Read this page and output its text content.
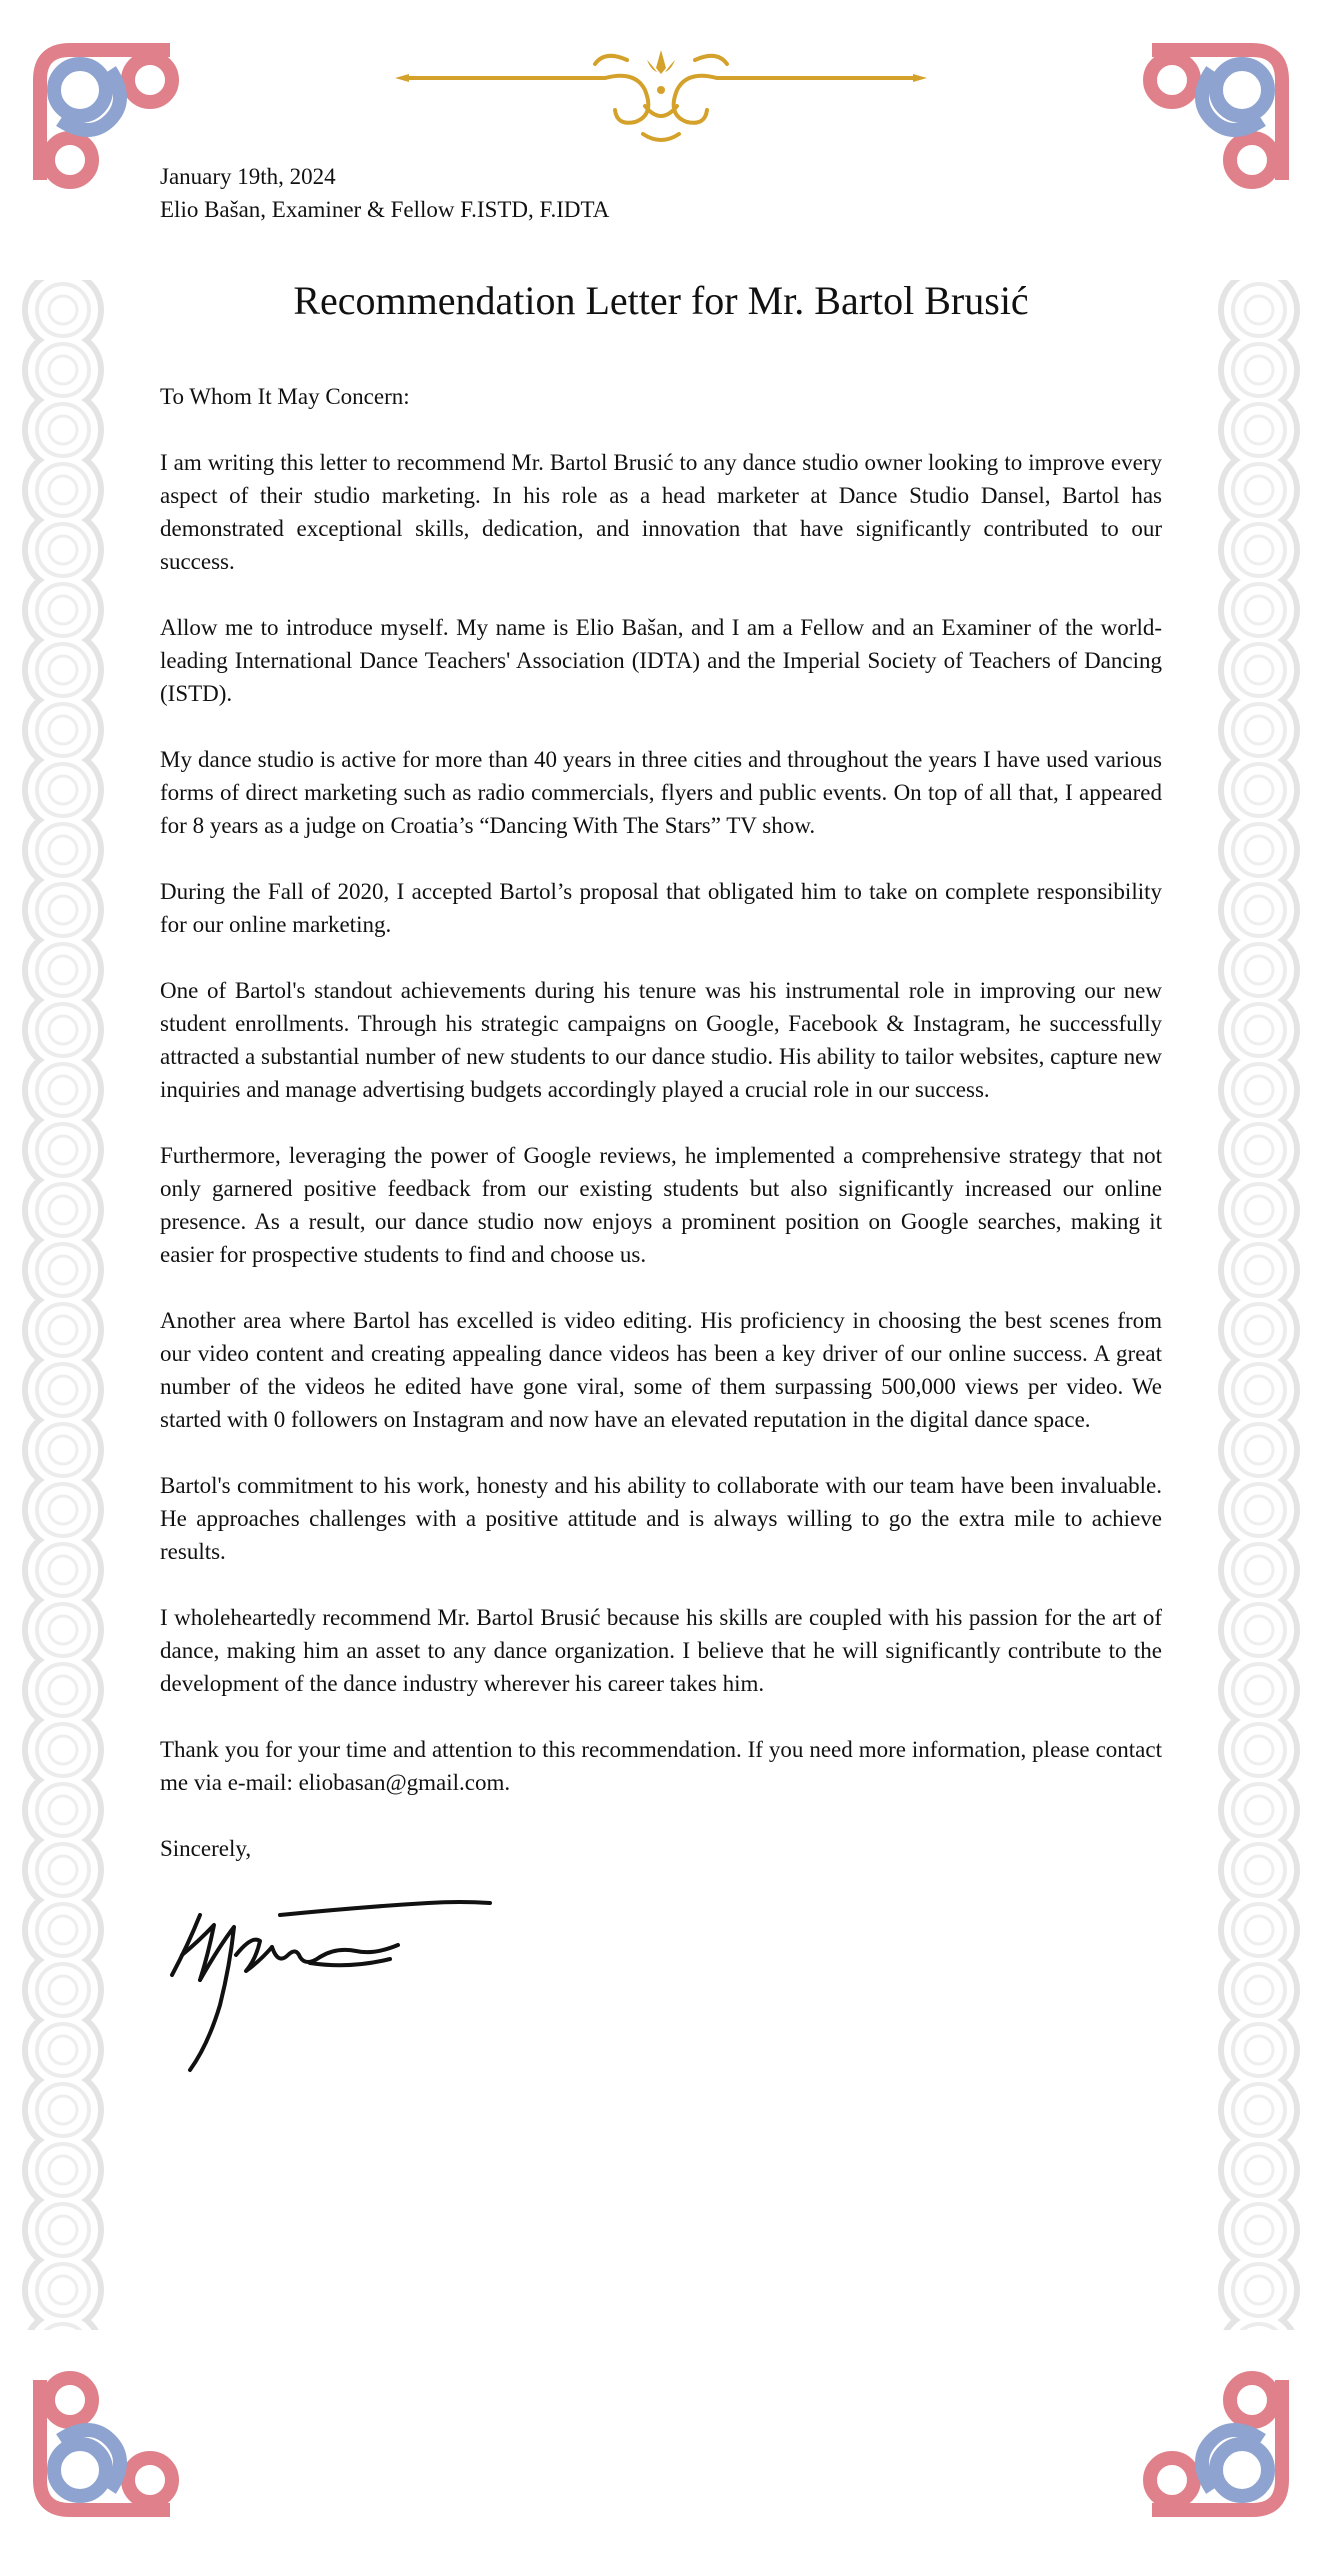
January 19th, 2024
Elio Bašan, Examiner & Fellow F.ISTD, F.IDTA
Recommendation Letter for Mr. Bartol Brusić

To Whom It May Concern:

I am writing this letter to recommend Mr. Bartol Brusić to any dance studio owner looking to improve every aspect of their studio marketing. In his role as a head marketer at Dance Studio Dansel, Bartol has demonstrated exceptional skills, dedication, and innovation that have significantly contributed to our success.

Allow me to introduce myself. My name is Elio Bašan, and I am a Fellow and an Examiner of the world-leading International Dance Teachers' Association (IDTA) and the Imperial Society of Teachers of Dancing (ISTD).

My dance studio is active for more than 40 years in three cities and throughout the years I have used various forms of direct marketing such as radio commercials, flyers and public events. On top of all that, I appeared for 8 years as a judge on Croatia’s “Dancing With The Stars” TV show.

During the Fall of 2020, I accepted Bartol’s proposal that obligated him to take on complete responsibility for our online marketing.

One of Bartol's standout achievements during his tenure was his instrumental role in improving our new student enrollments. Through his strategic campaigns on Google, Facebook & Instagram, he successfully attracted a substantial number of new students to our dance studio. His ability to tailor websites, capture new inquiries and manage advertising budgets accordingly played a crucial role in our success.

Furthermore, leveraging the power of Google reviews, he implemented a comprehensive strategy that not only garnered positive feedback from our existing students but also significantly increased our online presence. As a result, our dance studio now enjoys a prominent position on Google searches, making it easier for prospective students to find and choose us.

Another area where Bartol has excelled is video editing. His proficiency in choosing the best scenes from our video content and creating appealing dance videos has been a key driver of our online success. A great number of the videos he edited have gone viral, some of them surpassing 500,000 views per video. We started with 0 followers on Instagram and now have an elevated reputation in the digital dance space.

Bartol's commitment to his work, honesty and his ability to collaborate with our team have been invaluable. He approaches challenges with a positive attitude and is always willing to go the extra mile to achieve results.

I wholeheartedly recommend Mr. Bartol Brusić because his skills are coupled with his passion for the art of dance, making him an asset to any dance organization. I believe that he will significantly contribute to the development of the dance industry wherever his career takes him.

Thank you for your time and attention to this recommendation. If you need more information, please contact me via e-mail: eliobasan@gmail.com.

Sincerely,
